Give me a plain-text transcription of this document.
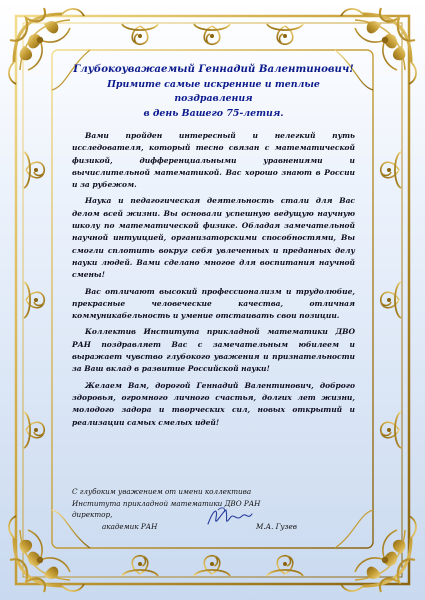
Глубокоуважаемый Геннадий Валентинович!

Примите самые искренние и теплые поздравления

в день Вашего 75-летия.

Вами пройден интересный и нелегкий путь исследователя, который тесно связан с математической физикой, дифференциальными уравнениями и вычислительной математикой. Вас хорошо знают в России и за рубежом.

Наука и педагогическая деятельность стали для Вас делом всей жизни. Вы основали успешную ведущую научную школу по математической физике. Обладая замечательной научной интуицией, организаторскими способностями, Вы смогли сплотить вокруг себя увлеченных и преданных делу науки людей. Вами сделано многое для воспитания научной смены!

Вас отличают высокий профессионализм и трудолюбие, прекрасные человеческие качества, отличная коммуникабельность и умение отстаивать свои позиции.

Коллектив Института прикладной математики ДВО РАН поздравляет Вас с замечательным юбилеем и выражает чувство глубокого уважения и признательности за Ваш вклад в развитие Российской науки!

Желаем Вам, дорогой Геннадий Валентинович, доброго здоровья, огромного личного счастья, долгих лет жизни, молодого задора и творческих сил, новых открытий и реализации самых смелых идей!

С глубоким уважением от имени коллектива
Института прикладной математики ДВО РАН
директор,
академик РАН	М.А. Гузев
